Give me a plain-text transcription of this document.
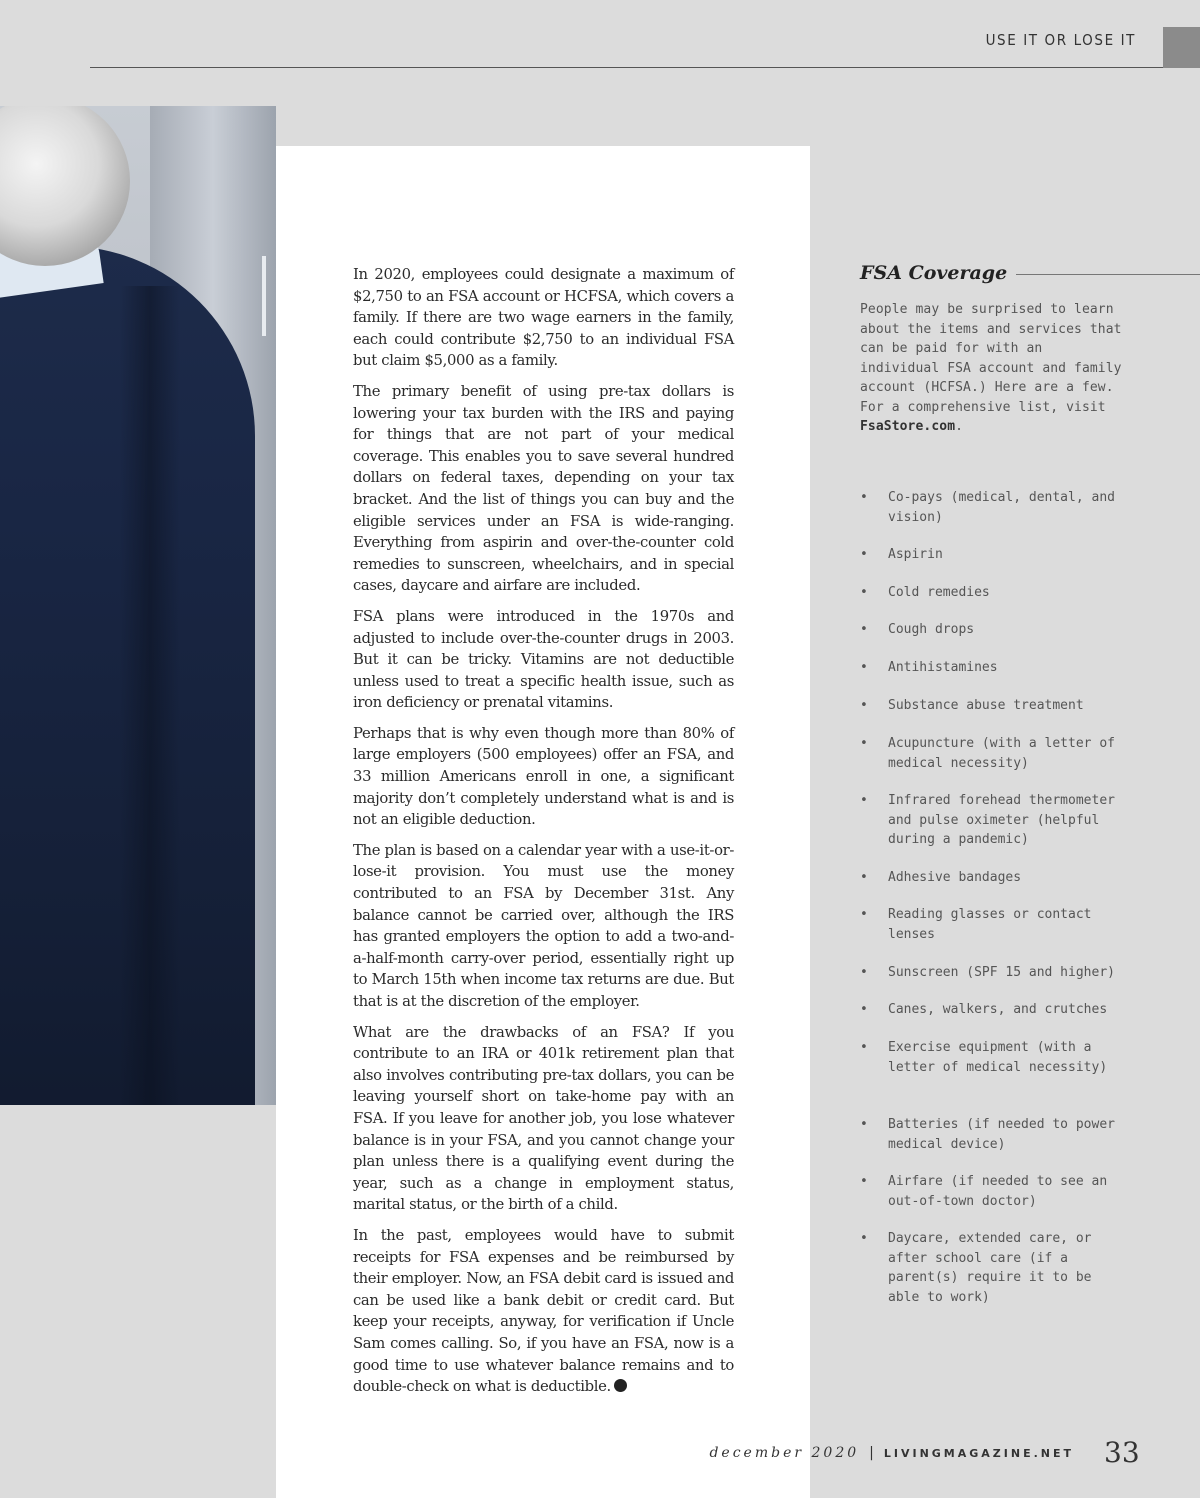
USE IT OR LOSE IT

In 2020, employees could designate a maximum of $2,750 to an FSA account or HCFSA, which covers a family. If there are two wage earners in the family, each could contribute $2,750 to an individual FSA but claim $5,000 as a family.

The primary benefit of using pre-tax dollars is lowering your tax burden with the IRS and paying for things that are not part of your medical coverage. This enables you to save several hundred dollars on federal taxes, depending on your tax bracket. And the list of things you can buy and the eligible services under an FSA is wide-ranging. Everything from aspirin and over-the-counter cold remedies to sunscreen, wheelchairs, and in special cases, daycare and airfare are included.

FSA plans were introduced in the 1970s and adjusted to include over-the-counter drugs in 2003. But it can be tricky. Vitamins are not deductible unless used to treat a specific health issue, such as iron deficiency or prenatal vitamins.

Perhaps that is why even though more than 80% of large employers (500 employees) offer an FSA, and 33 million Americans enroll in one, a significant majority don’t completely understand what is and is not an eligible deduction.

The plan is based on a calendar year with a use-it-or-lose-it provision. You must use the money contributed to an FSA by December 31st. Any balance cannot be carried over, although the IRS has granted employers the option to add a two-and-a-half-month carry-over period, essentially right up to March 15th when income tax returns are due. But that is at the discretion of the employer.

What are the drawbacks of an FSA? If you contribute to an IRA or 401k retirement plan that also involves contributing pre-tax dollars, you can be leaving yourself short on take-home pay with an FSA. If you leave for another job, you lose whatever balance is in your FSA, and you cannot change your plan unless there is a qualifying event during the year, such as a change in employment status, marital status, or the birth of a child.

In the past, employees would have to submit receipts for FSA expenses and be reimbursed by their employer. Now, an FSA debit card is issued and can be used like a bank debit or credit card. But keep your receipts, anyway, for verification if Uncle Sam comes calling. So, if you have an FSA, now is a good time to use whatever balance remains and to double-check on what is deductible.

FSA Coverage
People may be surprised to learn about the items and services that can be paid for with an individual FSA account and family account (HCFSA.) Here are a few. For a comprehensive list, visit FsaStore.com.
• Co-pays (medical, dental, and vision)
• Aspirin
• Cold remedies
• Cough drops
• Antihistamines
• Substance abuse treatment
• Acupuncture (with a letter of medical necessity)
• Infrared forehead thermometer and pulse oximeter (helpful during a pandemic)
• Adhesive bandages
• Reading glasses or contact lenses
• Sunscreen (SPF 15 and higher)
• Canes, walkers, and crutches
• Exercise equipment (with a letter of medical necessity)
• Batteries (if needed to power medical device)
• Airfare (if needed to see an out-of-town doctor)
• Daycare, extended care, or after school care (if a parent(s) require it to be able to work)
december 2020 | LIVINGMAGAZINE.NET 33
